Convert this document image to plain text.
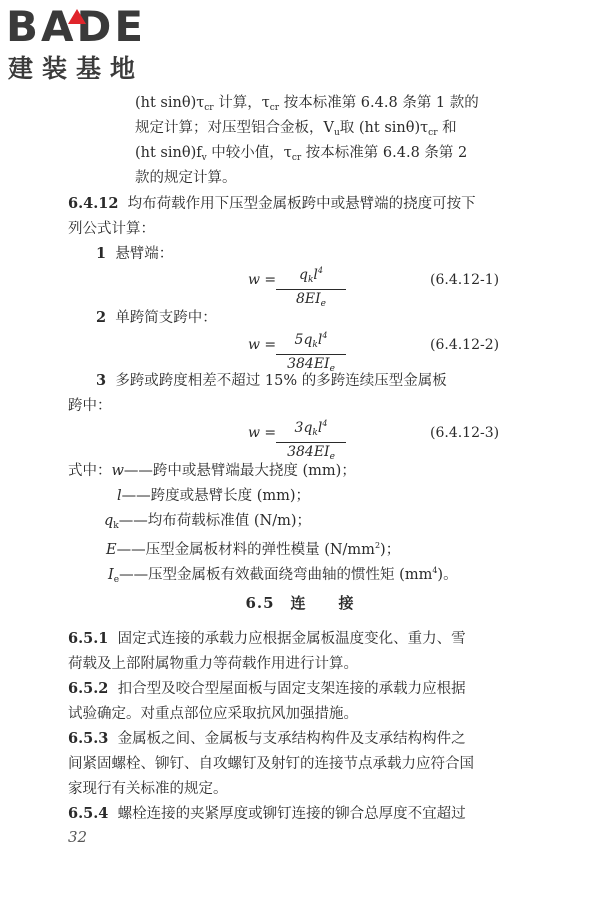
BADE
建装基地
(ht $\sin\theta)\tau_{cr}$ 计算，$\tau_{cr}$ 按本标准第 6.4.8 条第 1 款的
规定计算；对压型铝合金板，$V_u$取 (ht $\sin\theta)\tau_{cr}$ 和
(ht $\sin\theta)f_v$ 中较小值，$\tau_{cr}$ 按本标准第 6.4.8 条第 2
款的规定计算。
6.4.12 均布荷载作用下压型金属板跨中或悬臂端的挠度可按下
列公式计算：
1 悬臂端：
w =	$q_kl^4$
$8EI_e$
(6.4.12-1)
2 单跨简支跨中：
w =	$5q_kl^4$
$384EI_e$
(6.4.12-2)
3 多跨或跨度相差不超过 15% 的多跨连续压型金属板
跨中：
w =	$3q_kl^4$
$384EI_e$
(6.4.12-3)
式中：w——跨中或悬臂端最大挠度 (mm)；
l——跨度或悬臂长度 (mm)；
$q_k——$均布荷载标准值 (N/m)；
E——压型金属板材料的弹性模量 $(N/mm^2)$；
$I_e——$压型金属板有效截面绕弯曲轴的惯性矩 $(mm^4)$。
6.5　连　　接
6.5.1 固定式连接的承载力应根据金属板温度变化、重力、雪
荷载及上部附属物重力等荷载作用进行计算。
6.5.2 扣合型及咬合型屋面板与固定支架连接的承载力应根据
试验确定。对重点部位应采取抗风加强措施。
6.5.3 金属板之间、金属板与支承结构构件及支承结构构件之
间紧固螺栓、铆钉、自攻螺钉及射钉的连接节点承载力应符合国
家现行有关标准的规定。
6.5.4 螺栓连接的夹紧厚度或铆钉连接的铆合总厚度不宜超过
32
